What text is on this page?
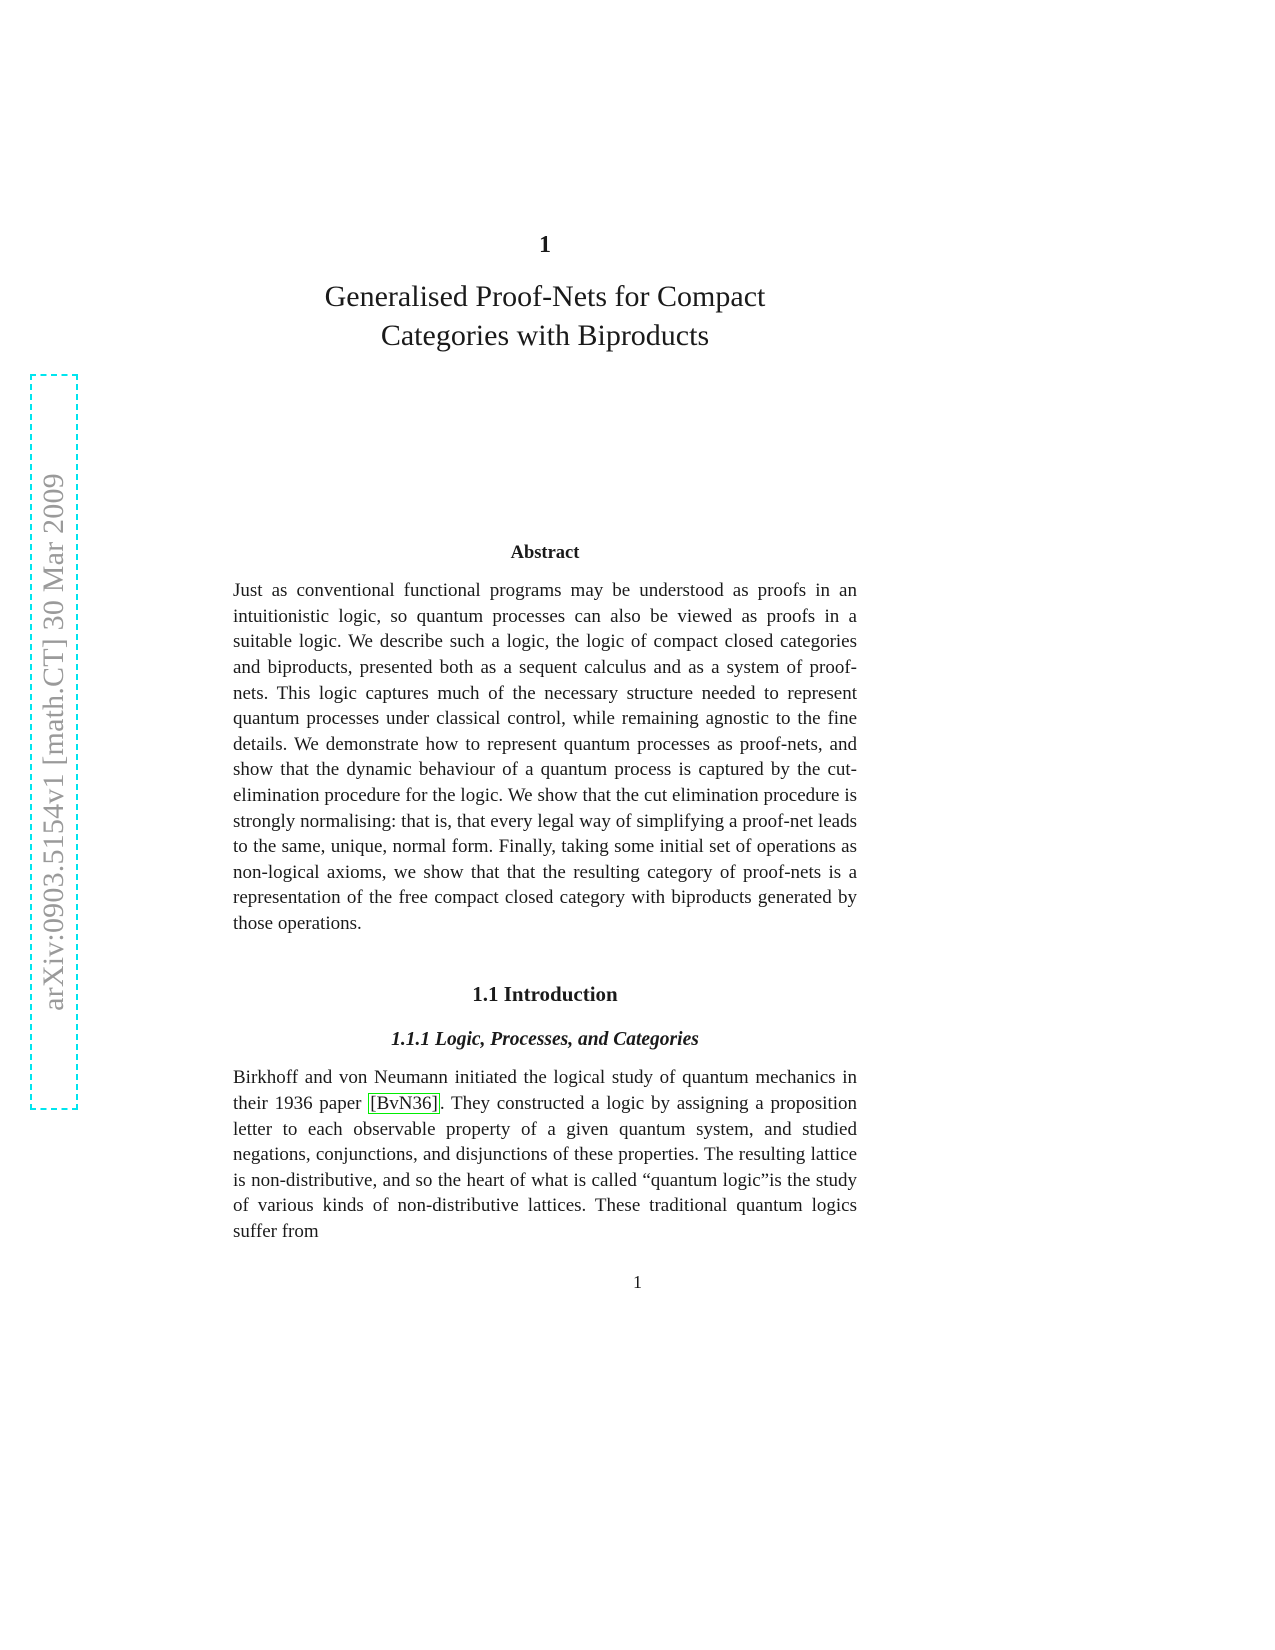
arXiv:0903.5154v1 [math.CT] 30 Mar 2009
1
Generalised Proof-Nets for Compact
Categories with Biproducts
Abstract

Just as conventional functional programs may be understood as proofs in an intuitionistic logic, so quantum processes can also be viewed as proofs in a suitable logic. We describe such a logic, the logic of compact closed categories and biproducts, presented both as a sequent calculus and as a system of proof-nets. This logic captures much of the necessary structure needed to represent quantum processes under classical control, while remaining agnostic to the fine details. We demonstrate how to represent quantum processes as proof-nets, and show that the dynamic behaviour of a quantum process is captured by the cut-elimination procedure for the logic. We show that the cut elimination procedure is strongly normalising: that is, that every legal way of simplifying a proof-net leads to the same, unique, normal form. Finally, taking some initial set of operations as non-logical axioms, we show that that the resulting category of proof-nets is a representation of the free compact closed category with biproducts generated by those operations.

1.1 Introduction
1.1.1 Logic, Processes, and Categories

Birkhoff and von Neumann initiated the logical study of quantum mechanics in their 1936 paper [BvN36] . They constructed a logic by assigning a proposition letter to each observable property of a given quantum system, and studied negations, conjunctions, and disjunctions of these properties. The resulting lattice is non-distributive, and so the heart of what is called “quantum logic”is the study of various kinds of non-distributive lattices. These traditional quantum logics suffer from

1
